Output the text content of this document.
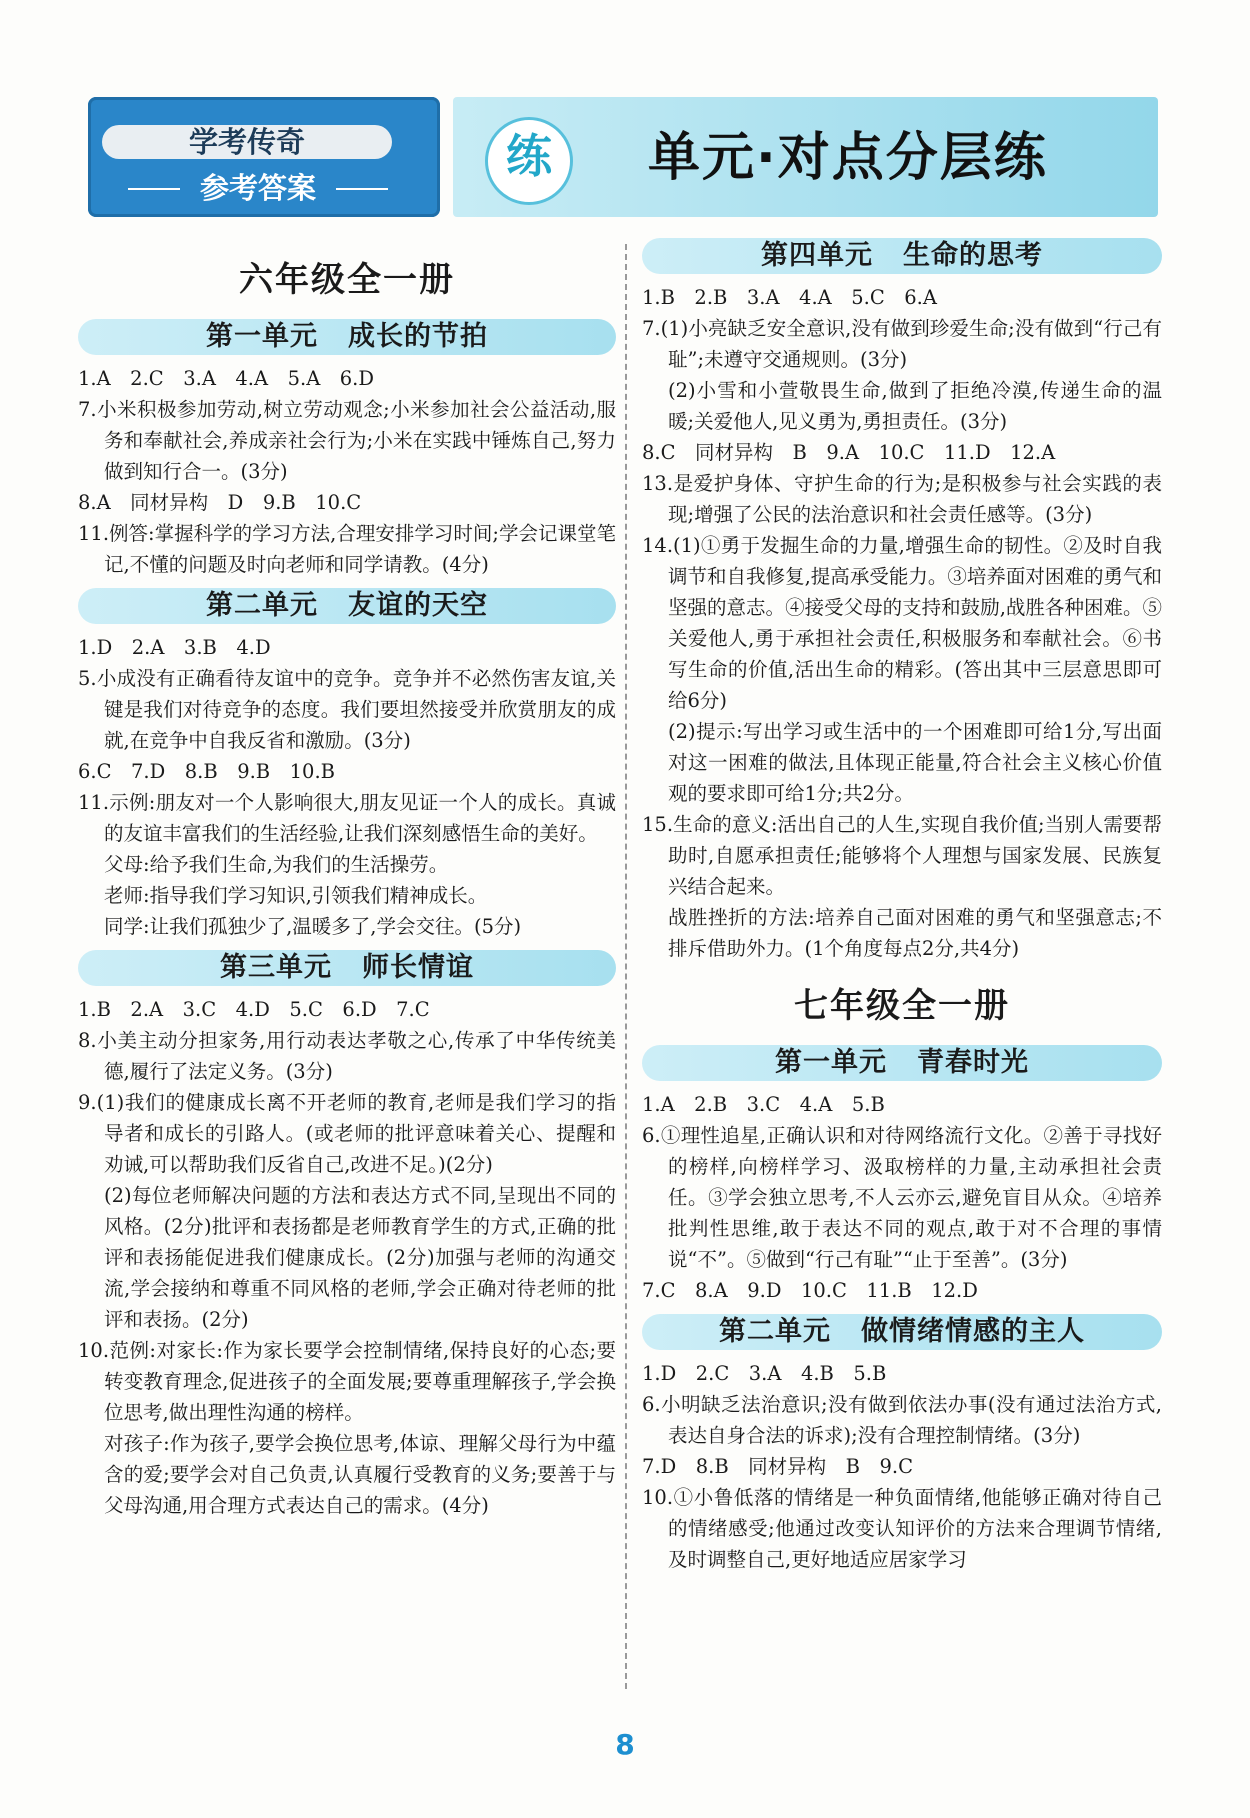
学考传奇
参考答案
练	单元·对点分层练
六年级全一册
第一单元 成长的节拍
1.A　2.C　3.A　4.A　5.A　6.D
7.小米积极参加劳动,树立劳动观念;小米参加社会公益活动,服务和奉献社会,养成亲社会行为;小米在实践中锤炼自己,努力做到知行合一。(3分)
8.A　同材异构　D　9.B　10.C
11.例答:掌握科学的学习方法,合理安排学习时间;学会记课堂笔记,不懂的问题及时向老师和同学请教。(4分)
第二单元 友谊的天空
1.D　2.A　3.B　4.D
5.小成没有正确看待友谊中的竞争。竞争并不必然伤害友谊,关键是我们对待竞争的态度。我们要坦然接受并欣赏朋友的成就,在竞争中自我反省和激励。(3分)
6.C　7.D　8.B　9.B　10.B
11.示例:朋友对一个人影响很大,朋友见证一个人的成长。真诚的友谊丰富我们的生活经验,让我们深刻感悟生命的美好。
父母:给予我们生命,为我们的生活操劳。
老师:指导我们学习知识,引领我们精神成长。
同学:让我们孤独少了,温暖多了,学会交往。(5分)
第三单元 师长情谊
1.B　2.A　3.C　4.D　5.C　6.D　7.C
8.小美主动分担家务,用行动表达孝敬之心,传承了中华传统美德,履行了法定义务。(3分)
9.(1)我们的健康成长离不开老师的教育,老师是我们学习的指导者和成长的引路人。(或老师的批评意味着关心、提醒和劝诫,可以帮助我们反省自己,改进不足。)(2分)
(2)每位老师解决问题的方法和表达方式不同,呈现出不同的风格。(2分)批评和表扬都是老师教育学生的方式,正确的批评和表扬能促进我们健康成长。(2分)加强与老师的沟通交流,学会接纳和尊重不同风格的老师,学会正确对待老师的批评和表扬。(2分)
10.范例:对家长:作为家长要学会控制情绪,保持良好的心态;要转变教育理念,促进孩子的全面发展;要尊重理解孩子,学会换位思考,做出理性沟通的榜样。
对孩子:作为孩子,要学会换位思考,体谅、理解父母行为中蕴含的爱;要学会对自己负责,认真履行受教育的义务;要善于与父母沟通,用合理方式表达自己的需求。(4分)
第四单元 生命的思考
1.B　2.B　3.A　4.A　5.C　6.A
7.(1)小亮缺乏安全意识,没有做到珍爱生命;没有做到“行己有耻”;未遵守交通规则。(3分)
(2)小雪和小萱敬畏生命,做到了拒绝冷漠,传递生命的温暖;关爱他人,见义勇为,勇担责任。(3分)
8.C　同材异构　B　9.A　10.C　11.D　12.A
13.是爱护身体、守护生命的行为;是积极参与社会实践的表现;增强了公民的法治意识和社会责任感等。(3分)
14.(1)①勇于发掘生命的力量,增强生命的韧性。②及时自我调节和自我修复,提高承受能力。③培养面对困难的勇气和坚强的意志。④接受父母的支持和鼓励,战胜各种困难。⑤关爱他人,勇于承担社会责任,积极服务和奉献社会。⑥书写生命的价值,活出生命的精彩。(答出其中三层意思即可给6分)
(2)提示:写出学习或生活中的一个困难即可给1分,写出面对这一困难的做法,且体现正能量,符合社会主义核心价值观的要求即可给1分;共2分。
15.生命的意义:活出自己的人生,实现自我价值;当别人需要帮助时,自愿承担责任;能够将个人理想与国家发展、民族复兴结合起来。
战胜挫折的方法:培养自己面对困难的勇气和坚强意志;不排斥借助外力。(1个角度每点2分,共4分)
七年级全一册
第一单元 青春时光
1.A　2.B　3.C　4.A　5.B
6.①理性追星,正确认识和对待网络流行文化。②善于寻找好的榜样,向榜样学习、汲取榜样的力量,主动承担社会责任。③学会独立思考,不人云亦云,避免盲目从众。④培养批判性思维,敢于表达不同的观点,敢于对不合理的事情说“不”。⑤做到“行己有耻”“止于至善”。(3分)
7.C　8.A　9.D　10.C　11.B　12.D
第二单元 做情绪情感的主人
1.D　2.C　3.A　4.B　5.B
6.小明缺乏法治意识;没有做到依法办事(没有通过法治方式,表达自身合法的诉求);没有合理控制情绪。(3分)
7.D　8.B　同材异构　B　9.C
10.①小鲁低落的情绪是一种负面情绪,他能够正确对待自己的情绪感受;他通过改变认知评价的方法来合理调节情绪,及时调整自己,更好地适应居家学习
8
